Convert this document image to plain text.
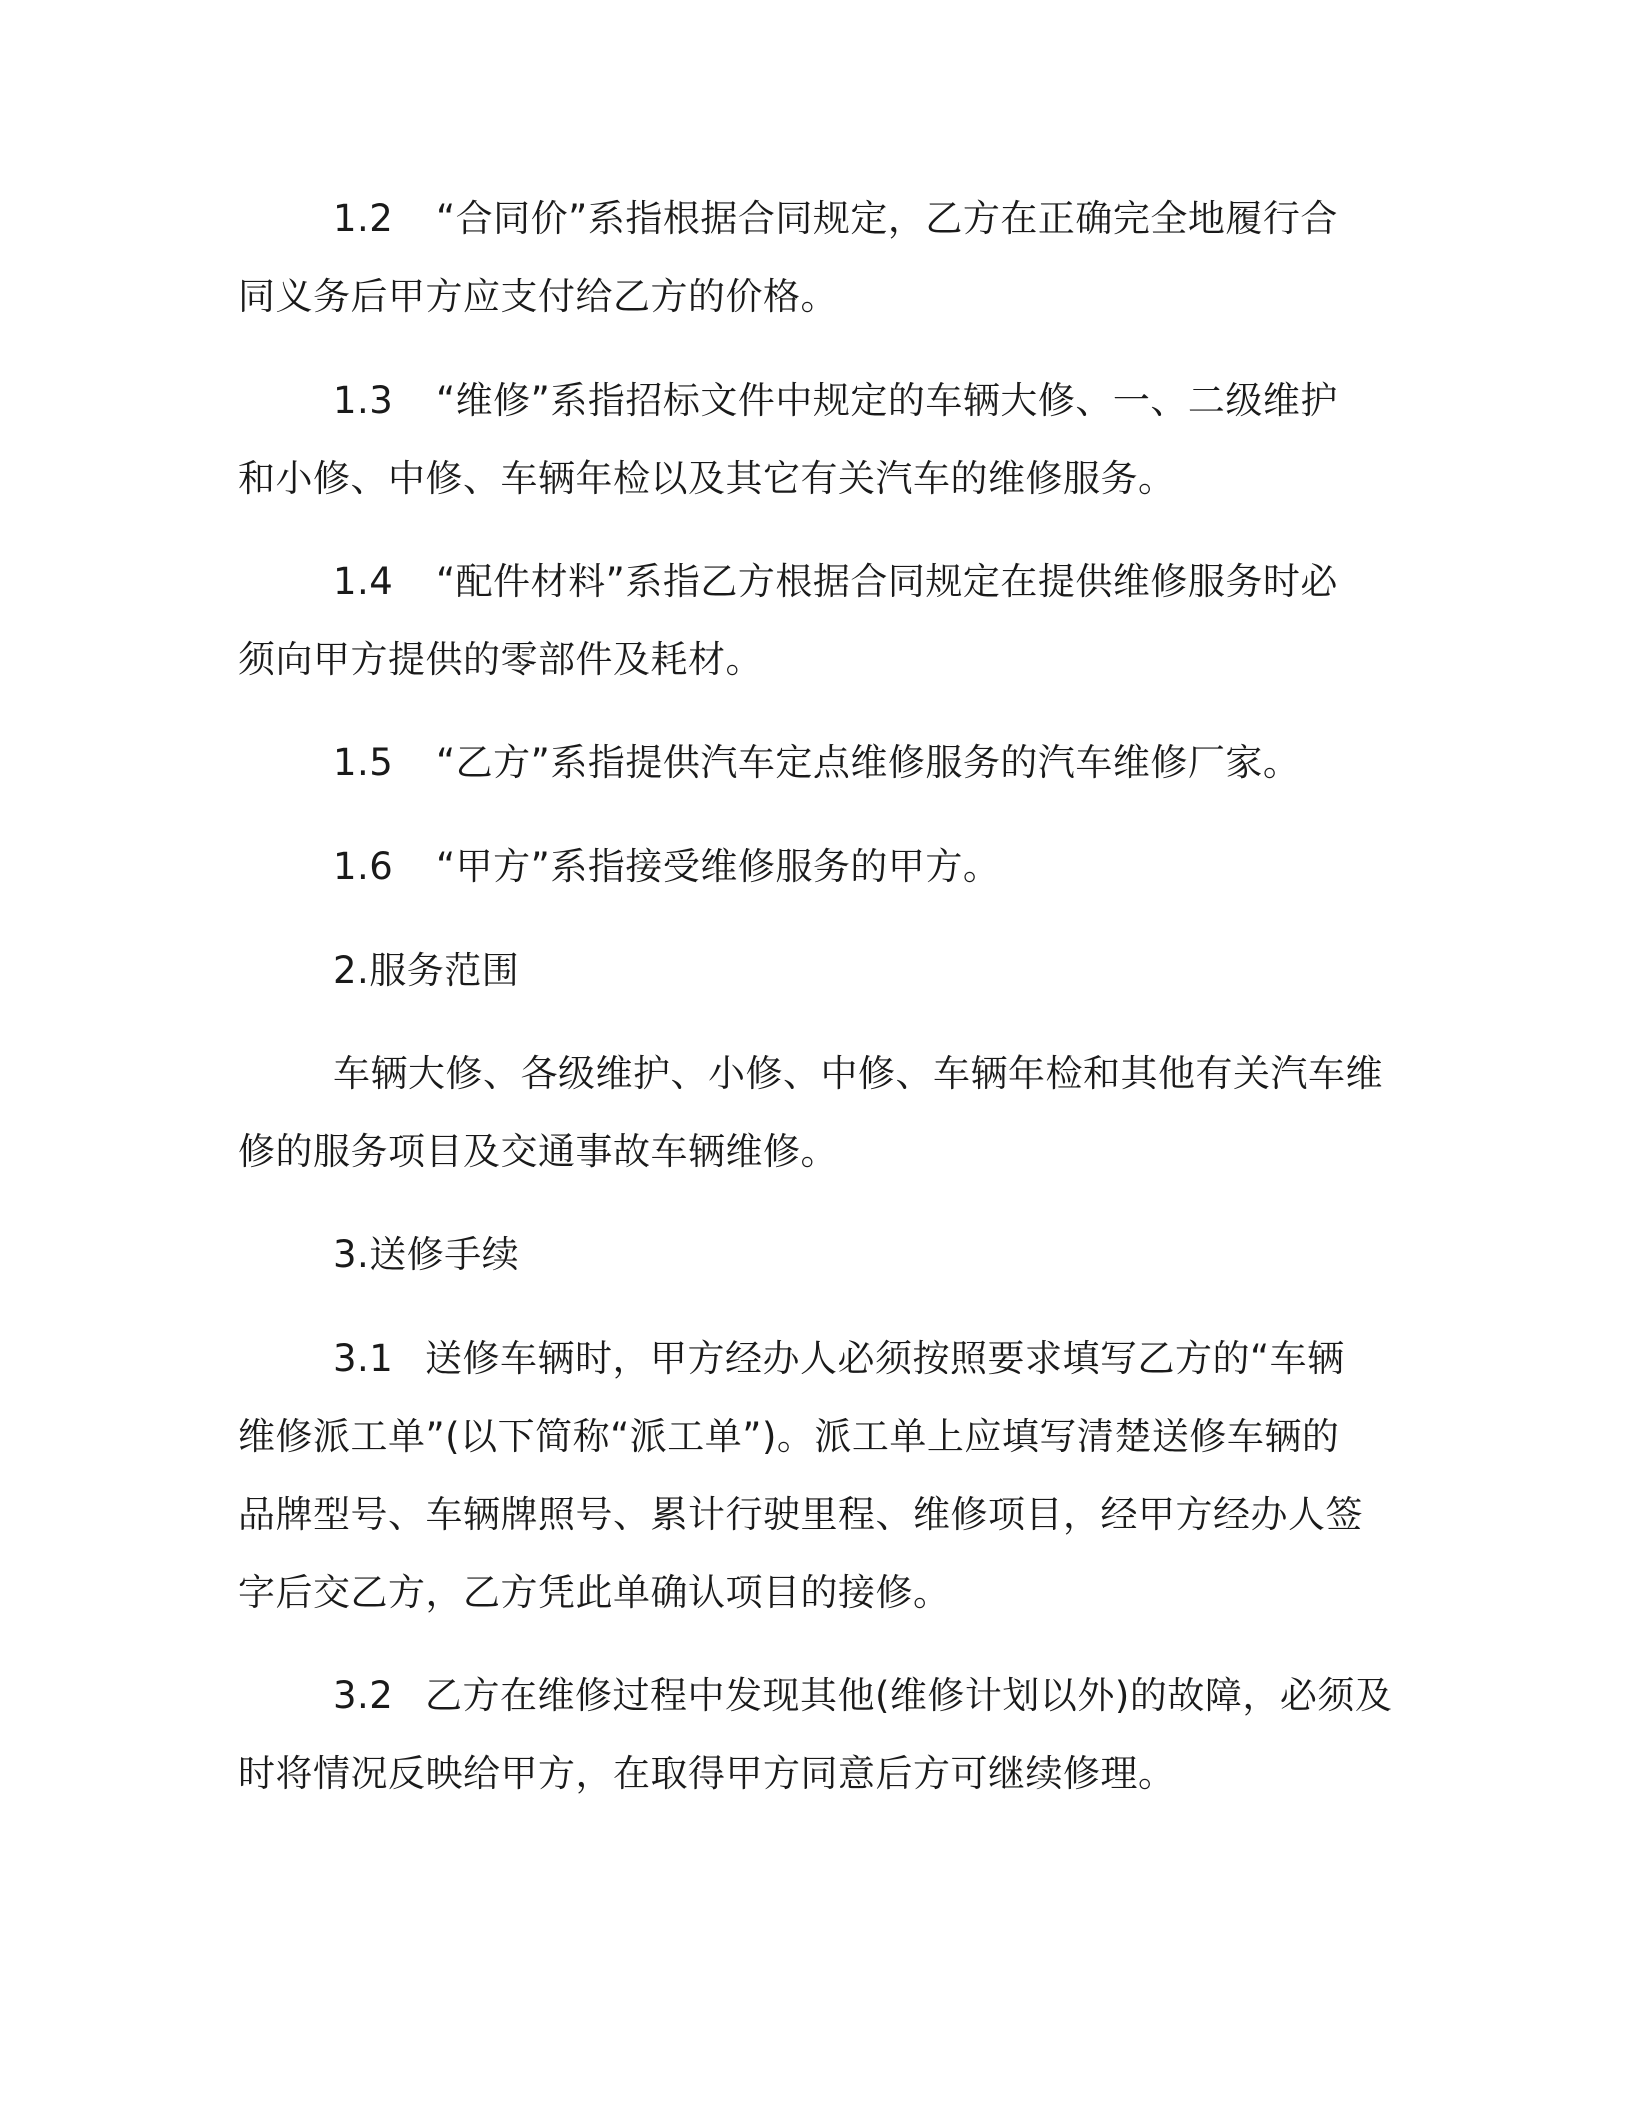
1.2 “合同价”系指根据合同规定，乙方在正确完全地履行合
同义务后甲方应支付给乙方的价格。
1.3 “维修”系指招标文件中规定的车辆大修、一、二级维护
和小修、中修、车辆年检以及其它有关汽车的维修服务。
1.4 “配件材料”系指乙方根据合同规定在提供维修服务时必
须向甲方提供的零部件及耗材。
1.5 “乙方”系指提供汽车定点维修服务的汽车维修厂家。
1.6 “甲方”系指接受维修服务的甲方。
2.服务范围
车辆大修、各级维护、小修、中修、车辆年检和其他有关汽车维
修的服务项目及交通事故车辆维修。
3.送修手续
3.1 送修车辆时，甲方经办人必须按照要求填写乙方的“车辆
维修派工单”(以下简称“派工单”)。派工单上应填写清楚送修车辆的
品牌型号、车辆牌照号、累计行驶里程、维修项目，经甲方经办人签
字后交乙方，乙方凭此单确认项目的接修。
3.2 乙方在维修过程中发现其他(维修计划以外)的故障，必须及
时将情况反映给甲方，在取得甲方同意后方可继续修理。
